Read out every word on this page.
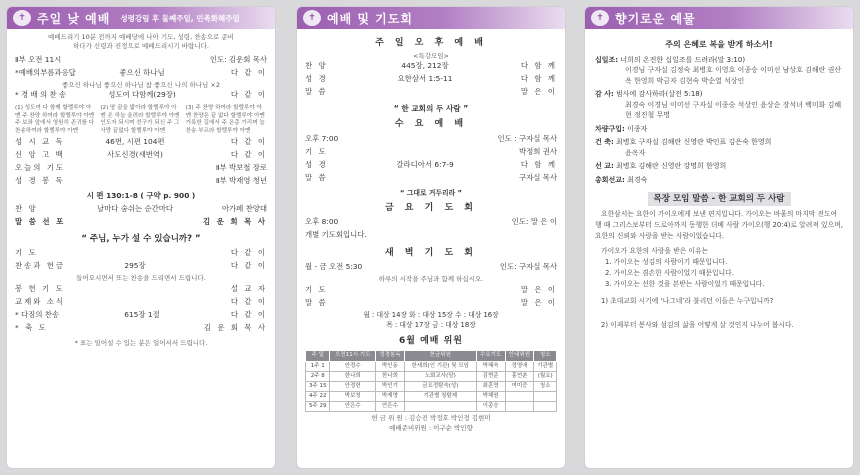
✝ 주일 낮 예배 성령강림 후 둘째주일, 민족화해주일
예배드리기 10분 전까지 예배당에 나아 기도, 성령, 찬송으로 준비하다가 신령과 진정으로 예배드리시기 바랍니다.
Ⅱ부 오전 11시	인도: 김운회 목사
*예배의부름과응답	좋으신 하나님	다 같 이
좋으신 하나님 좋으신 하나님 참 좋으신 나의 하나님 ×2
* 경 배 의 찬 송	성도여 다함께(29장)	다 같 이
(1) 성도여 다 함께 할렐루야 아멘 주 찬양 하여라 할렐루야 아멘 주 보좌 앞에서 영원히 존귀를 다 찬송하여라 할렐루야 아멘
(2) 땅 끝을 밟아라 할렐루야 아멘 온 하늘 울려라 할렐루야 아멘 인도자 되시며 친구가 되신 주 그 사랑 끝없다 할렐루야 아멘
(3) 주 찬양 하여라 할렐루야 아멘 찬양은 끝 없다 할렐루야 아멘 거룩한 길에서 주 은총 기리며 늘 찬송 부르라 할렐루야 아멘
성 시 교 독	46번, 시편 104편	다 같 이
신 앙 고 백	사도신경(새번역)	다 같 이
오늘의 기도	Ⅱ부 박보철 장로
성 경 봉 독	Ⅱ부 박재영 청년
시 편 130:1-8 ( 구약 p. 900 )
찬 양	날마다 숨쉬는 순간마다	아가페 찬양대
말 씀 선 포	김 운 회 목 사
“ 주님, 누가 설 수 있습니까? ”
기 도	다 같 이
찬송과 헌금	295장	다 같 이
들어오시면서 또는 찬송을 드리면서 드립니다.
봉 헌 기 도	설 교 자
교제와 소식	다 같 이
* 다짐의 찬송	615장 1절	다 같 이
* 축 도	김 운 회 목 사
* 표는 일어설 수 있는 분은 일어서서 드립니다.
✝ 예배 및 기도회
주 일 오 후 예 배
<특강모임>
찬 양	445장, 212장	다 함 께
성 경	요한삼서 1:5-11	다 함 께
말 씀	말 은 이
“ 한 교회의 두 사람 ”
수 요 예 배
오후 7:00	인도 : 구자실 목사
기 도	박정희 권사
성 경	갈라디아서 6:7-9	다 함 께
말 씀	구자실 목사
“ 그대로 거두리라 ”
금 요 기 도 회
오후 8:00	인도: 말 은 이
개별 기도회입니다.
새 벽 기 도 회
월 - 금 오전 5:30	인도: 구자실 목사
하루의 시작을 주님과 함께 하십시오.
기 도	말 은 이
말 씀	말 은 이
월 : 대상 14장 화 : 대상 15장 수 : 대상 16장
목 : 대상 17장 금 : 대상 18장
6월 예배 위원
주 일	오전11시 기도	성경봉독	헌금위원	수요기도	안내위원	청소
1주 1	안정수	박인동	한세희(인 기관) 및 모임	박혜숙	정영애	기관별
2주 8	한나희	한나희	노회교사(담)	김현준	홍연춘	(월요)
3주 15	안정헌	박인기	금요정탐숙(성)	최혼영	여미증	청소
4주 22	박보청	박재영	기관별 청탐제	박혜원		
5주 29	안은수	안은수		이종승		
헌 금 위 원 : 김승진 박정호 박인정 김현미
예배준비위원 : 이구순 박인향
✝ 향기로운 예물
주의 은혜로 복을 받게 하소서!
십일조: 너희의 온전한 십일조를 드려라(말 3:10)
이경님 구자실 김정숙 최병호 이영호 이종승 이미선 남상호 김해란 권산옥 한영희 박금자 김현숙 박순열 석상인
감 사: 범사에 감사하라(살전 5:18)
최경숙 이경님 이미선 구자실 이종승 석상인 윤상순 장석녀 백미화 김혜현 정진철 무명
차량구입: 이종자
건 축: 최병호 구자실 김해란 신영란 박인표 김은숙 한영희
윤옥자
선 교: 최병호 김해란 신영란 강명희 한영희
총회선교: 최경숙
목장 모임 말씀 - 한 교회의 두 사람
요한삼서는 요한이 가이오에게 보낸 편지입니다. 가이오는 바울의 마지막 전도여행 때 그리스보부터 드로아까지 동행한 더베 사람 가이오(행 20:4)로 알려져 있으며, 요한의 신뢰와 사랑을 받는 사람이었습니다.
가이오가 요한의 사랑을 받은 이유는
1. 가이오는 성김의 사람이기 때문입니다.
2. 가이오는 겸손한 사람이었기 때문입니다.
3. 가이오는 선한 것을 본받는 사람이었기 때문입니다.
1) 초대교회 시기에 ‘나그네’라 불리던 이들은 누구입니까?
2) 이제부터 봉사와 섬김의 삶을 어떻게 살 것인지 나누어 봅시다.
